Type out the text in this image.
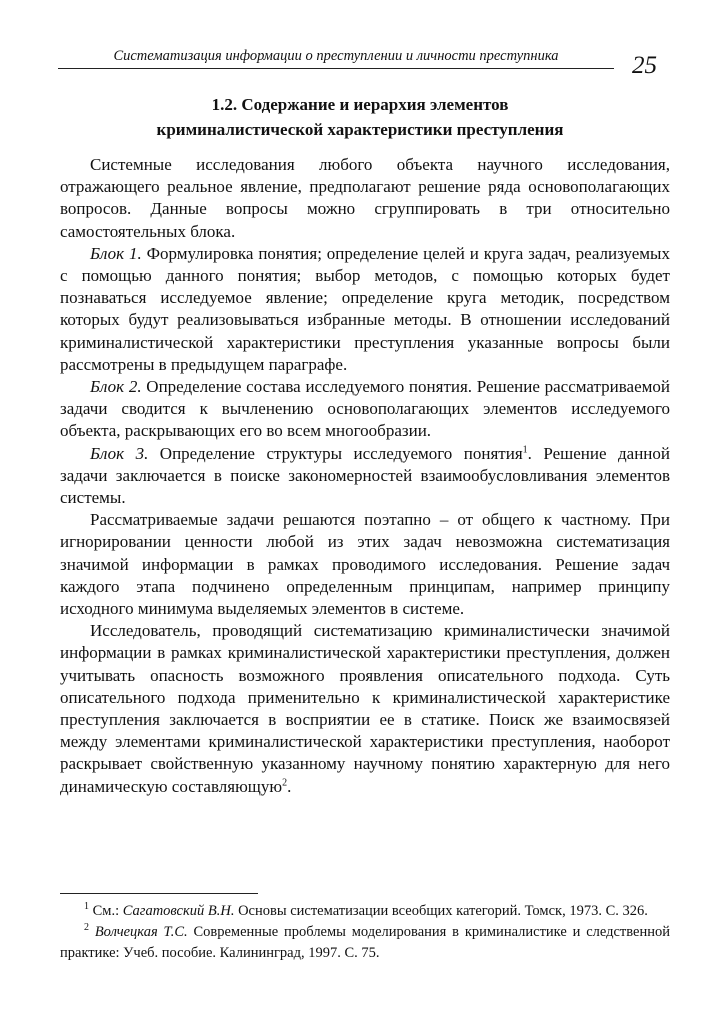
Систематизация информации о преступлении и личности преступника	25
1.2. Содержание и иерархия элементов
криминалистической характеристики преступления

Системные исследования любого объекта научного исследования, отражающего реальное явление, предполагают решение ряда основополагающих вопросов. Данные вопросы можно сгруппировать в три относительно самостоятельных блока.

Блок 1. Формулировка понятия; определение целей и круга задач, реализуемых с помощью данного понятия; выбор методов, с помощью которых будет познаваться исследуемое явление; определение круга методик, посредством которых будут реализовываться избранные методы. В отношении исследований криминалистической характеристики преступления указанные вопросы были рассмотрены в предыдущем параграфе.

Блок 2. Определение состава исследуемого понятия. Решение рассматриваемой задачи сводится к вычленению основополагающих элементов исследуемого объекта, раскрывающих его во всем многообразии.

Блок 3. Определение структуры исследуемого понятия$^1$. Решение данной задачи заключается в поиске закономерностей взаимообусловливания элементов системы.

Рассматриваемые задачи решаются поэтапно – от общего к частному. При игнорировании ценности любой из этих задач невозможна систематизация значимой информации в рамках проводимого исследования. Решение задач каждого этапа подчинено определенным принципам, например принципу исходного минимума выделяемых элементов в системе.

Исследователь, проводящий систематизацию криминалистически значимой информации в рамках криминалистической характеристики преступления, должен учитывать опасность возможного проявления описательного подхода. Суть описательного подхода применительно к криминалистической характеристике преступления заключается в восприятии ее в статике. Поиск же взаимосвязей между элементами криминалистической характеристики преступления, наоборот раскрывает свойственную указанному научному понятию характерную для него динамическую составляющую$^2$.

$^1$ См.: Сагатовский В.Н. Основы систематизации всеобщих категорий. Томск, 1973. С. 326.

$^2$ Волчецкая Т.С. Современные проблемы моделирования в криминалистике и следственной практике: Учеб. пособие. Калининград, 1997. С. 75.
